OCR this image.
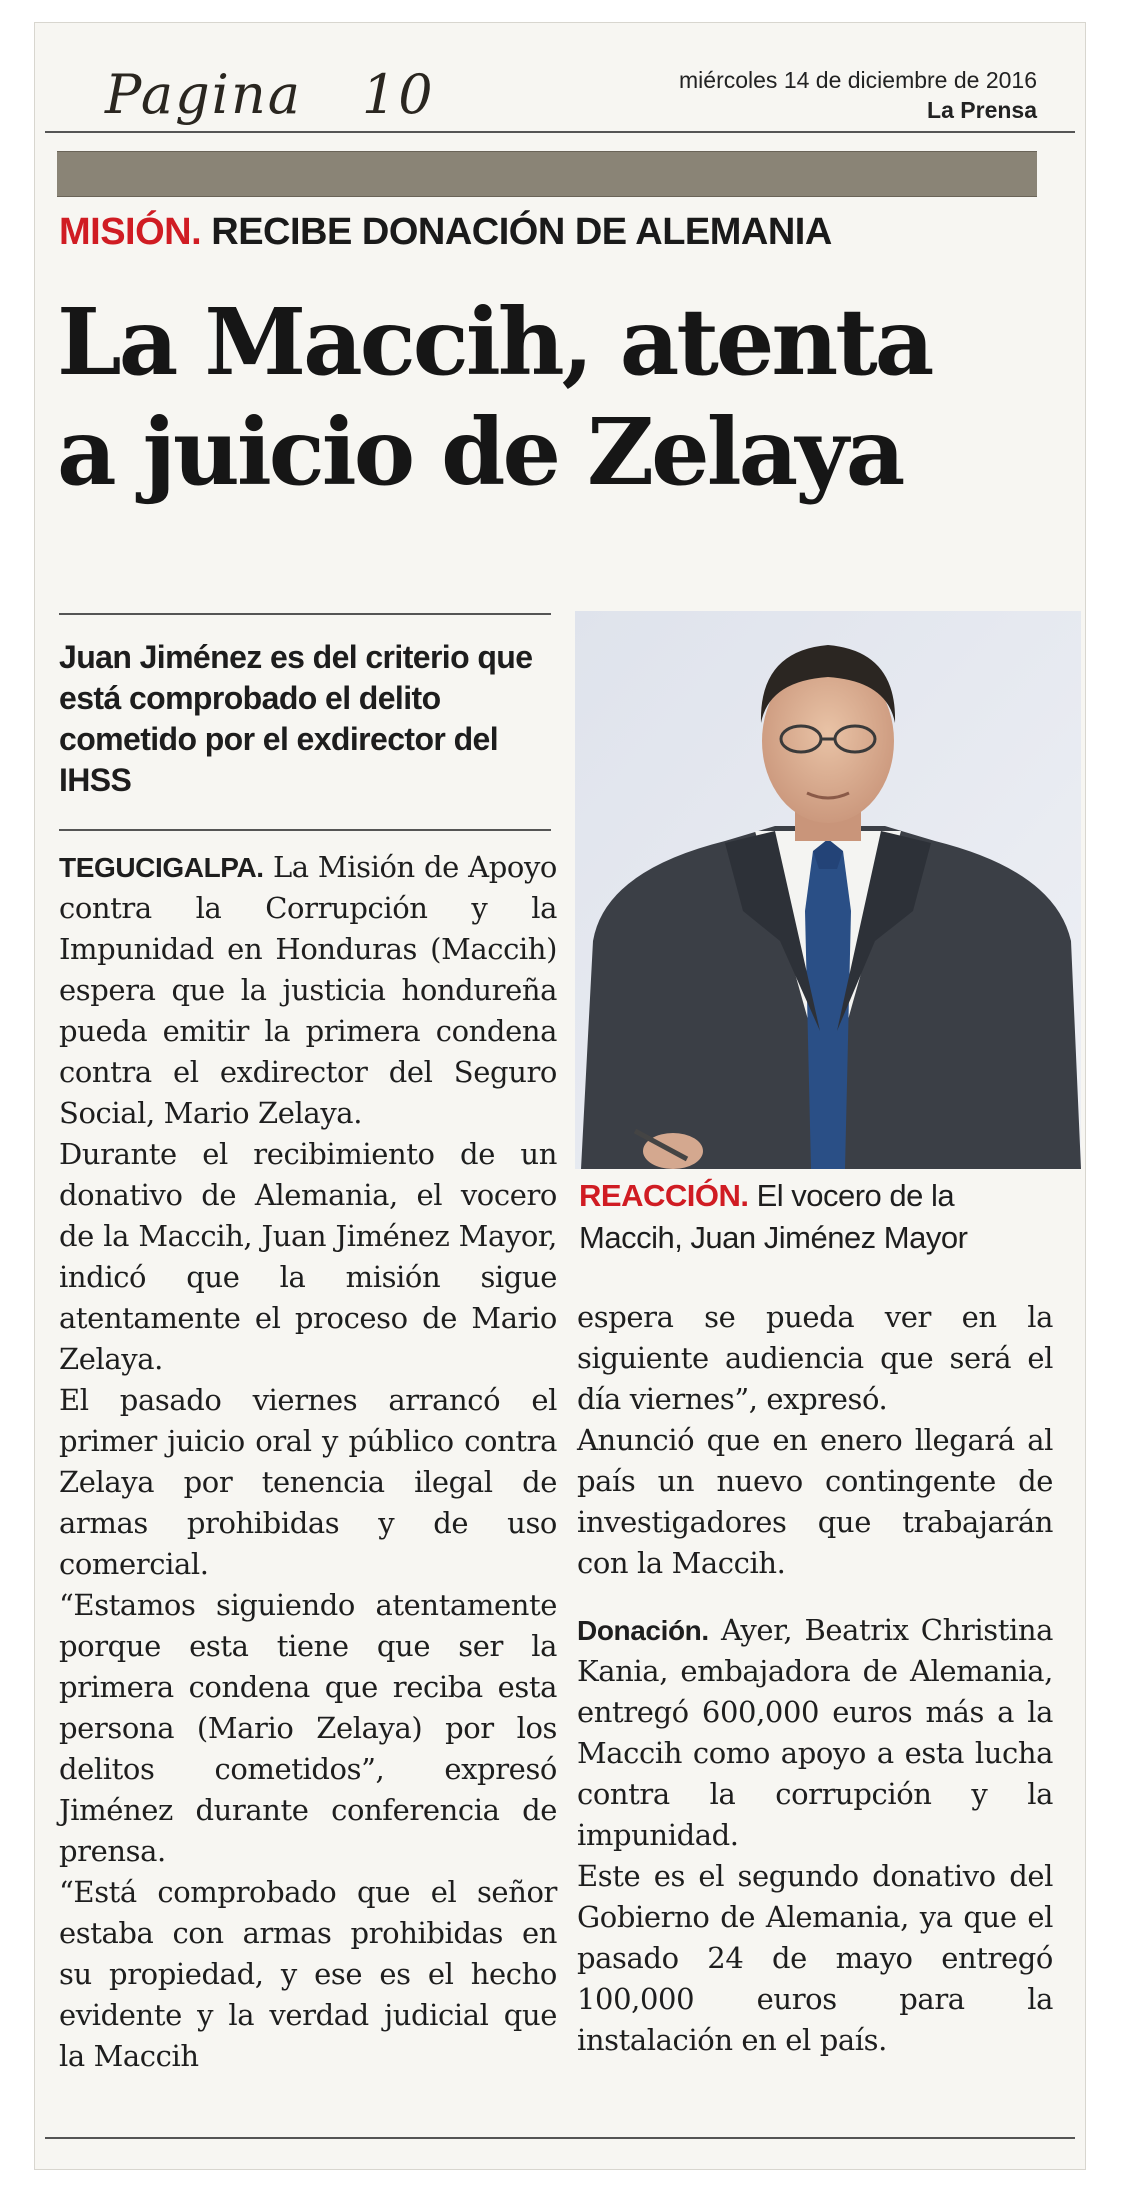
Pagina 10	miércoles 14 de diciembre de 2016
La Prensa
MISIÓN. RECIBE DONACIÓN DE ALEMANIA
La Maccih, atenta
a juicio de Zelaya
Juan Jiménez es del criterio que está comprobado el delito cometido por el exdirector del IHSS
REACCIÓN. El vocero de la Maccih, Juan Jiménez Mayor

TEGUCIGALPA. La Misión de Apoyo contra la Corrupción y la Impunidad en Honduras (Maccih) espera que la justicia hondureña pueda emitir la primera condena contra el exdirector del Seguro Social, Mario Zelaya.

Durante el recibimiento de un donativo de Alemania, el vocero de la Maccih, Juan Jiménez Mayor, indicó que la misión sigue atentamente el proceso de Mario Zelaya.

El pasado viernes arrancó el primer juicio oral y público contra Zelaya por tenencia ilegal de armas prohibidas y de uso comercial.

“Estamos siguiendo atentamente porque esta tiene que ser la primera condena que reciba esta persona (Mario Zelaya) por los delitos cometidos”, expresó Jiménez durante conferencia de prensa.

“Está comprobado que el señor estaba con armas prohibidas en su propiedad, y ese es el hecho evidente y la verdad judicial que la Maccih

espera se pueda ver en la siguiente audiencia que será el día viernes”, expresó.

Anunció que en enero llegará al país un nuevo contingente de investigadores que trabajarán con la Maccih.

Donación. Ayer, Beatrix Christina Kania, embajadora de Alemania, entregó 600,000 euros más a la Maccih como apoyo a esta lucha contra la corrupción y la impunidad.

Este es el segundo donativo del Gobierno de Alemania, ya que el pasado 24 de mayo entregó 100,000 euros para la instalación en el país.
